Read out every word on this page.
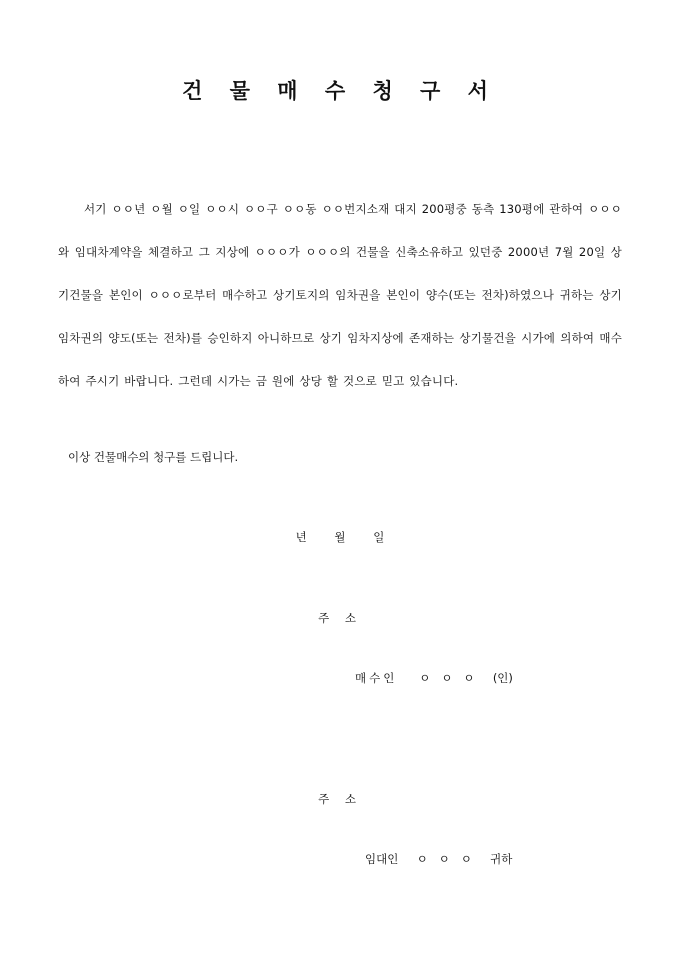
건 물 매 수 청 구 서
서기 ㅇㅇ년 ㅇ월 ㅇ일 ㅇㅇ시 ㅇㅇ구 ㅇㅇ동 ㅇㅇ번지소재 대지 200평중 동측 130평에 관하여 ㅇㅇㅇ와 임대차계약을 체결하고 그 지상에 ㅇㅇㅇ가 ㅇㅇㅇ의 건물을 신축소유하고 있던중 2000년 7월 20일 상기건물을 본인이 ㅇㅇㅇ로부터 매수하고 상기토지의 임차권을 본인이 양수(또는 전차)하였으나 귀하는 상기임차권의 양도(또는 전차)를 승인하지 아니하므로 상기 임차지상에 존재하는 상기물건을 시가에 의하여 매수하여 주시기 바랍니다. 그런데 시가는 금 원에 상당 할 것으로 믿고 있습니다.
이상 건물매수의 청구를 드립니다.
년 월 일
주 소
매수인 ㅇ   ㅇ   ㅇ (인)
주 소
임대인 ㅇ   ㅇ   ㅇ 귀하
